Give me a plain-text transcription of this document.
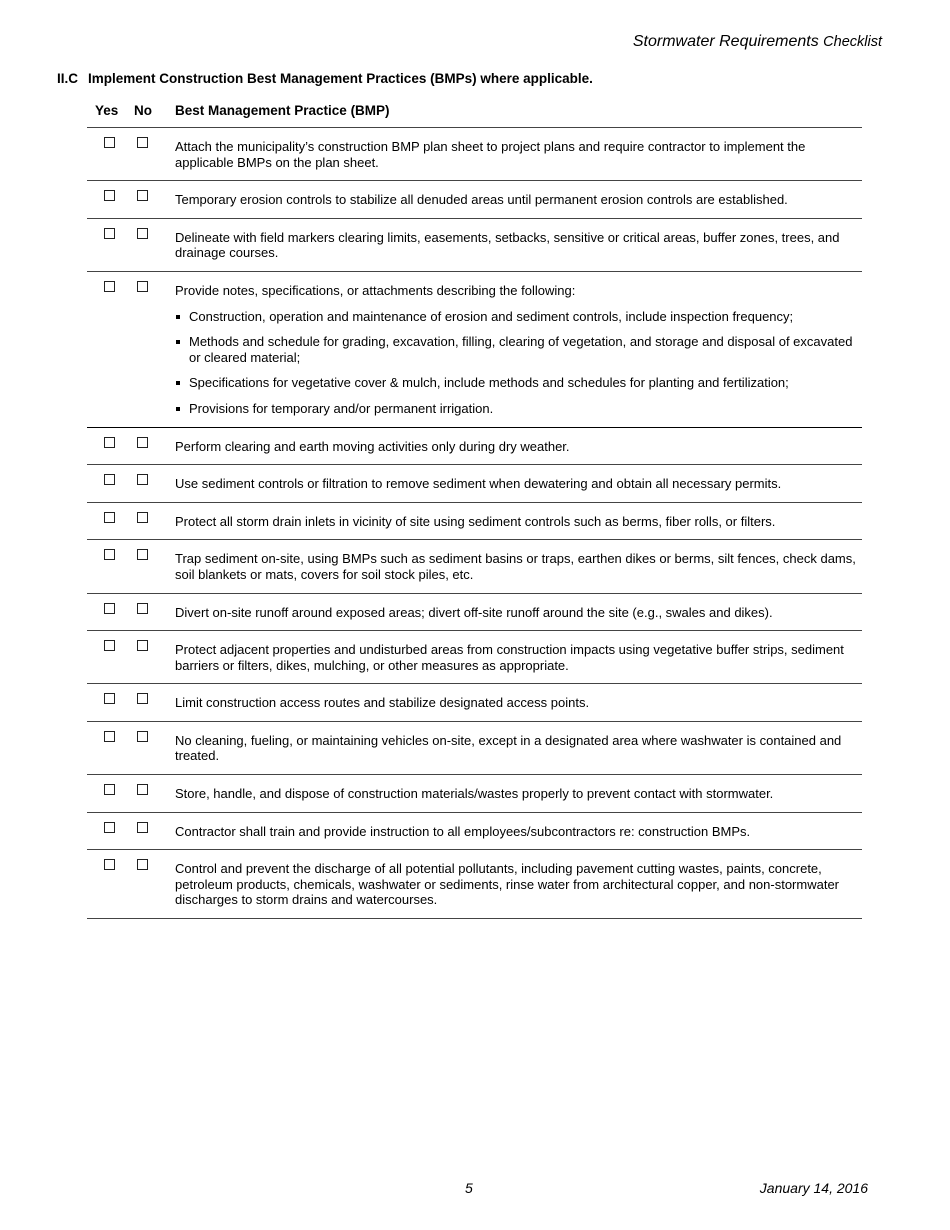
Stormwater Requirements Checklist
II.C Implement Construction Best Management Practices (BMPs) where applicable.
Yes	No	Best Management Practice (BMP)
Attach the municipality’s construction BMP plan sheet to project plans and require contractor to implement the applicable BMPs on the plan sheet.
Temporary erosion controls to stabilize all denuded areas until permanent erosion controls are established.
Delineate with field markers clearing limits, easements, setbacks, sensitive or critical areas, buffer zones, trees, and drainage courses.
Provide notes, specifications, or attachments describing the following:
Construction, operation and maintenance of erosion and sediment controls, include inspection frequency;
Methods and schedule for grading, excavation, filling, clearing of vegetation, and storage and disposal of excavated or cleared material;
Specifications for vegetative cover & mulch, include methods and schedules for planting and fertilization;
Provisions for temporary and/or permanent irrigation.
Perform clearing and earth moving activities only during dry weather.
Use sediment controls or filtration to remove sediment when dewatering and obtain all necessary permits.
Protect all storm drain inlets in vicinity of site using sediment controls such as berms, fiber rolls, or filters.
Trap sediment on-site, using BMPs such as sediment basins or traps, earthen dikes or berms, silt fences, check dams, soil blankets or mats, covers for soil stock piles, etc.
Divert on-site runoff around exposed areas; divert off-site runoff around the site (e.g., swales and dikes).
Protect adjacent properties and undisturbed areas from construction impacts using vegetative buffer strips, sediment barriers or filters, dikes, mulching, or other measures as appropriate.
Limit construction access routes and stabilize designated access points.
No cleaning, fueling, or maintaining vehicles on-site, except in a designated area where washwater is contained and treated.
Store, handle, and dispose of construction materials/wastes properly to prevent contact with stormwater.
Contractor shall train and provide instruction to all employees/subcontractors re: construction BMPs.
Control and prevent the discharge of all potential pollutants, including pavement cutting wastes, paints, concrete, petroleum products, chemicals, washwater or sediments, rinse water from architectural copper, and non-stormwater discharges to storm drains and watercourses.
5	January 14, 2016
